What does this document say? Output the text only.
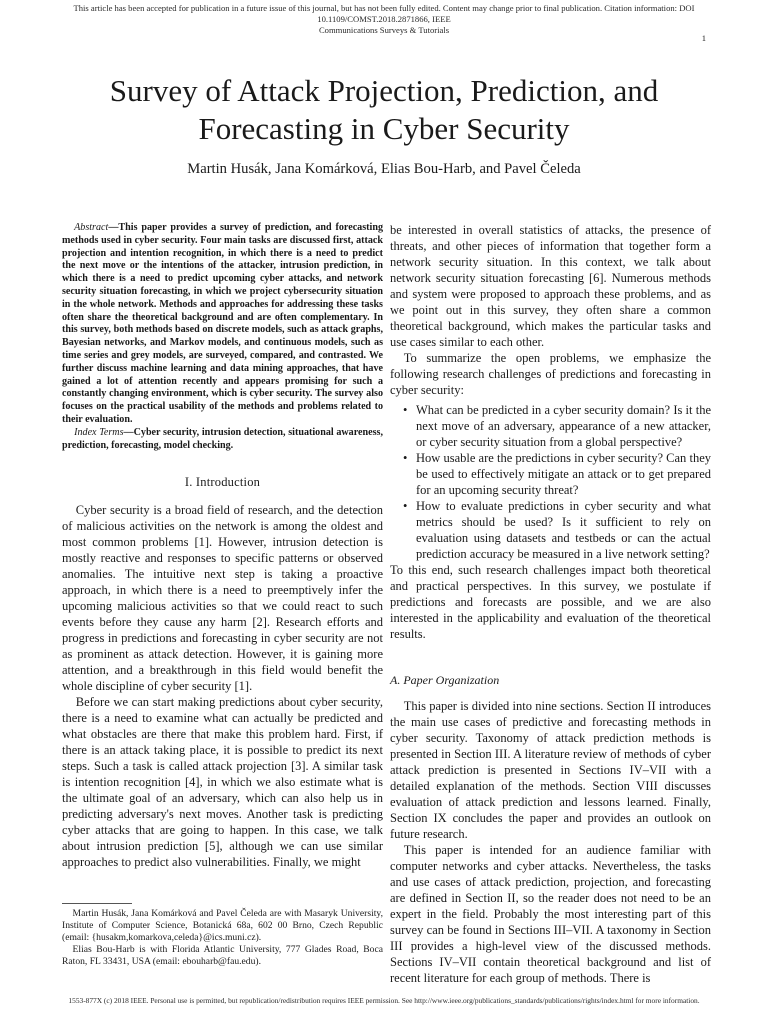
This article has been accepted for publication in a future issue of this journal, but has not been fully edited. Content may change prior to final publication. Citation information: DOI 10.1109/COMST.2018.2871866, IEEE
Communications Surveys & Tutorials
1
Survey of Attack Projection, Prediction, and
Forecasting in Cyber Security
Martin Husák, Jana Komárková, Elias Bou-Harb, and Pavel Čeleda

Abstract—This paper provides a survey of prediction, and forecasting methods used in cyber security. Four main tasks are discussed first, attack projection and intention recognition, in which there is a need to predict the next move or the intentions of the attacker, intrusion prediction, in which there is a need to predict upcoming cyber attacks, and network security situation forecasting, in which we project cybersecurity situation in the whole network. Methods and approaches for addressing these tasks often share the theoretical background and are often complementary. In this survey, both methods based on discrete models, such as attack graphs, Bayesian networks, and Markov models, and continuous models, such as time series and grey models, are surveyed, compared, and contrasted. We further discuss machine learning and data mining approaches, that have gained a lot of attention recently and appears promising for such a constantly changing environment, which is cyber security. The survey also focuses on the practical usability of the methods and problems related to their evaluation.

Index Terms—Cyber security, intrusion detection, situational awareness, prediction, forecasting, model checking.

I. Introduction

Cyber security is a broad field of research, and the detection of malicious activities on the network is among the oldest and most common problems [1]. However, intrusion detection is mostly reactive and responses to specific patterns or observed anomalies. The intuitive next step is taking a proactive approach, in which there is a need to preemptively infer the upcoming malicious activities so that we could react to such events before they cause any harm [2]. Research efforts and progress in predictions and forecasting in cyber security are not as prominent as attack detection. However, it is gaining more attention, and a breakthrough in this field would benefit the whole discipline of cyber security [1].

Before we can start making predictions about cyber security, there is a need to examine what can actually be predicted and what obstacles are there that make this problem hard. First, if there is an attack taking place, it is possible to predict its next steps. Such a task is called attack projection [3]. A similar task is intention recognition [4], in which we also estimate what is the ultimate goal of an adversary, which can also help us in predicting adversary's next moves. Another task is predicting cyber attacks that are going to happen. In this case, we talk about intrusion prediction [5], although we can use similar approaches to predict also vulnerabilities. Finally, we might

be interested in overall statistics of attacks, the presence of threats, and other pieces of information that together form a network security situation. In this context, we talk about network security situation forecasting [6]. Numerous methods and system were proposed to approach these problems, and as we point out in this survey, they often share a common theoretical background, which makes the particular tasks and use cases similar to each other.

To summarize the open problems, we emphasize the following research challenges of predictions and forecasting in cyber security:

• What can be predicted in a cyber security domain? Is it the next move of an adversary, appearance of a new attacker, or cyber security situation from a global perspective?
• How usable are the predictions in cyber security? Can they be used to effectively mitigate an attack or to get prepared for an upcoming security threat?
• How to evaluate predictions in cyber security and what metrics should be used? Is it sufficient to rely on evaluation using datasets and testbeds or can the actual prediction accuracy be measured in a live network setting?

To this end, such research challenges impact both theoretical and practical perspectives. In this survey, we postulate if predictions and forecasts are possible, and we are also interested in the applicability and evaluation of the theoretical results.

A. Paper Organization

This paper is divided into nine sections. Section II introduces the main use cases of predictive and forecasting methods in cyber security. Taxonomy of attack prediction methods is presented in Section III. A literature review of methods of cyber attack prediction is presented in Sections IV–VII with a detailed explanation of the methods. Section VIII discusses evaluation of attack prediction and lessons learned. Finally, Section IX concludes the paper and provides an outlook on future research.

This paper is intended for an audience familiar with computer networks and cyber attacks. Nevertheless, the tasks and use cases of attack prediction, projection, and forecasting are defined in Section II, so the reader does not need to be an expert in the field. Probably the most interesting part of this survey can be found in Sections III–VII. A taxonomy in Section III provides a high-level view of the discussed methods. Sections IV–VII contain theoretical background and list of recent literature for each group of methods. There is

Martin Husák, Jana Komárková and Pavel Čeleda are with Masaryk University, Institute of Computer Science, Botanická 68a, 602 00 Brno, Czech Republic (email: {husakm,komarkova,celeda}@ics.muni.cz).

Elias Bou-Harb is with Florida Atlantic University, 777 Glades Road, Boca Raton, FL 33431, USA (email: ebouharb@fau.edu).

1553-877X (c) 2018 IEEE. Personal use is permitted, but republication/redistribution requires IEEE permission. See http://www.ieee.org/publications_standards/publications/rights/index.html for more information.
